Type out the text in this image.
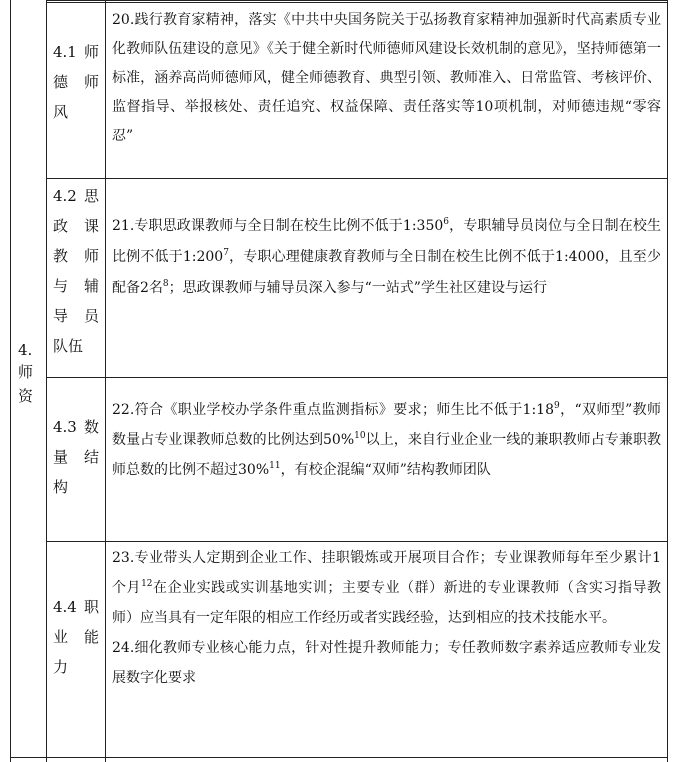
4.
师
资
4.1 师
德　师
风

20.践行教育家精神，落实《中共中央国务院关于弘扬教育家精神加强新时代高素质专业化教师队伍建设的意见》《关于健全新时代师德师风建设长效机制的意见》，坚持师德第一标准，涵养高尚师德师风，健全师德教育、典型引领、教师准入、日常监管、考核评价、监督指导、举报核处、责任追究、权益保障、责任落实等10项机制，对师德违规“零容忍”

4.2 思
政　课
教　师
与　辅
导　员
队伍

21.专职思政课教师与全日制在校生比例不低于$1:350^6$，专职辅导员岗位与全日制在校生比例不低于$1:200^7$，专职心理健康教育教师与全日制在校生比例不低于1:4000，且至少配备2名$^8$；思政课教师与辅导员深入参与“一站式”学生社区建设与运行

4.3 数
量　结
构

22.符合《职业学校办学条件重点监测指标》要求；师生比不低于$1:18^9$，“双师型”教师数量占专业课教师总数的比例达到50%$^{10}$以上，来自行业企业一线的兼职教师占专兼职教师总数的比例不超过30%$^{11}$，有校企混编“双师”结构教师团队

4.4 职
业　能
力

23.专业带头人定期到企业工作、挂职锻炼或开展项目合作；专业课教师每年至少累计1个月$^{12}$在企业实践或实训基地实训；主要专业（群）新进的专业课教师（含实习指导教师）应当具有一定年限的相应工作经历或者实践经验，达到相应的技术技能水平。

24.细化教师专业核心能力点，针对性提升教师能力；专任教师数字素养适应教师专业发展数字化要求
